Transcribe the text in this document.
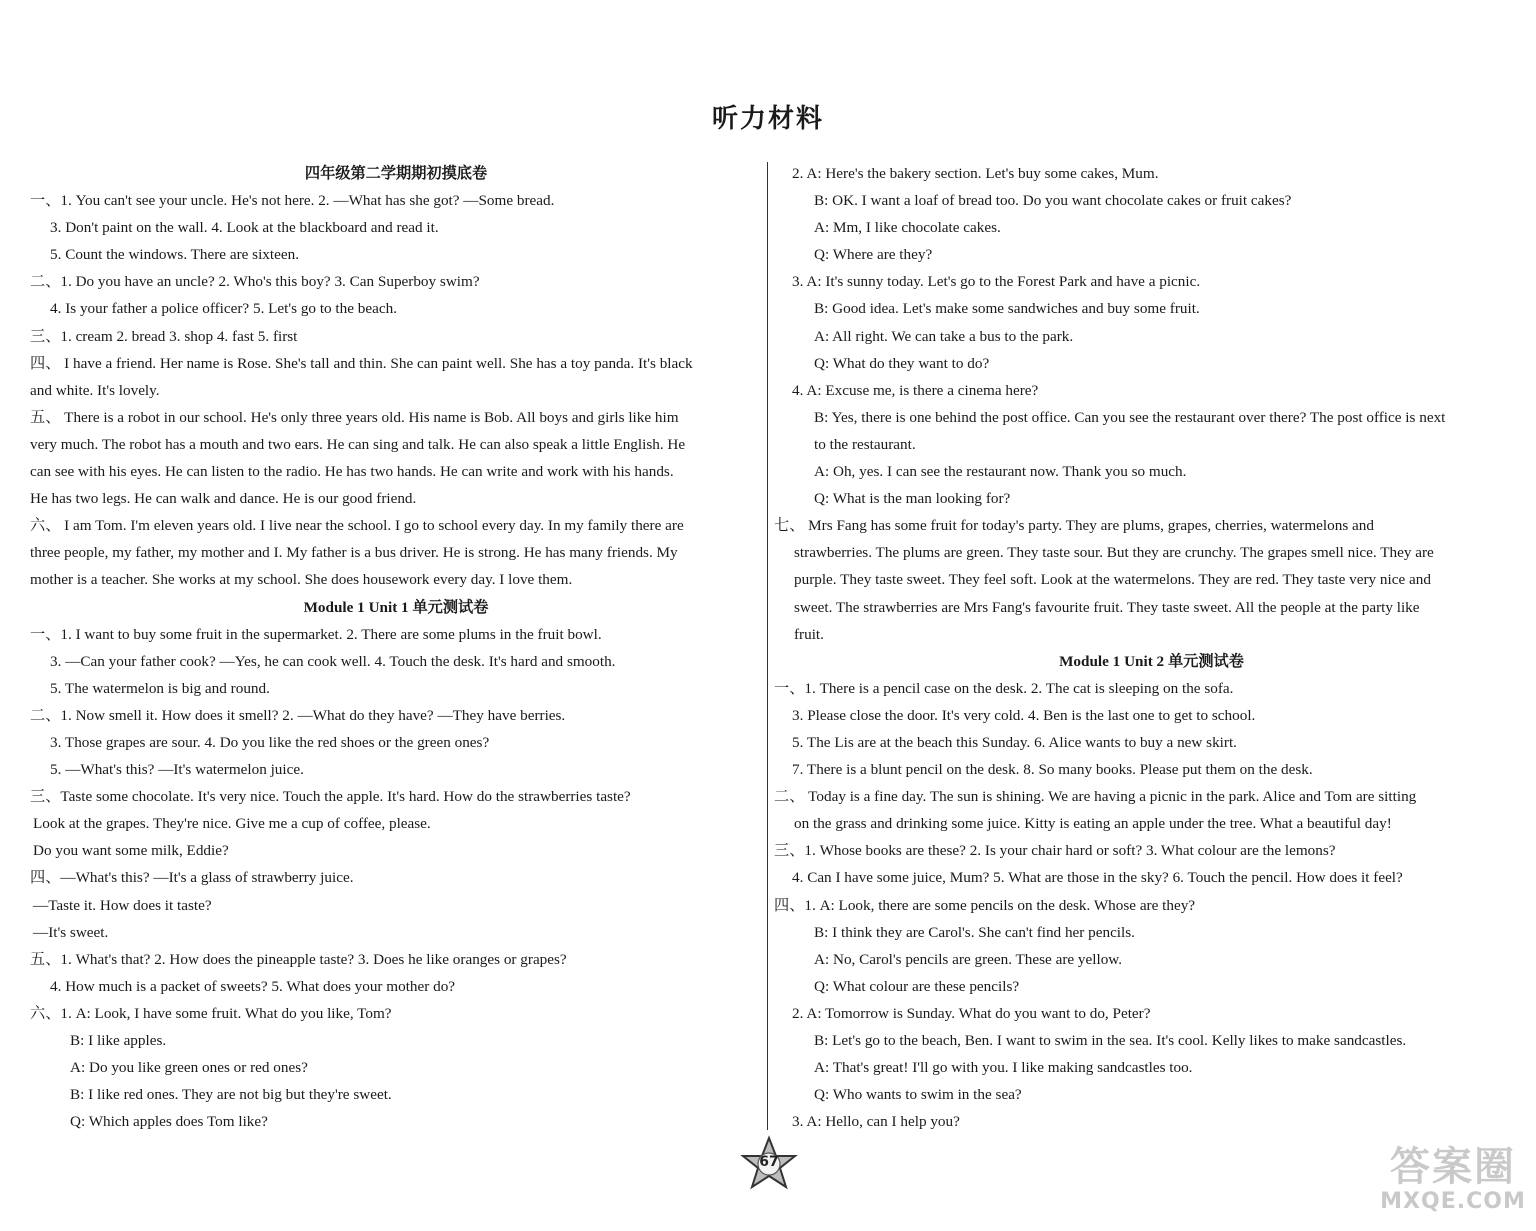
听力材料
四年级第二学期期初摸底卷
一、1. You can't see your uncle. He's not here. 2. —What has she got? —Some bread.
3. Don't paint on the wall. 4. Look at the blackboard and read it.
5. Count the windows. There are sixteen.
二、1. Do you have an uncle? 2. Who's this boy? 3. Can Superboy swim?
4. Is your father a police officer? 5. Let's go to the beach.
三、1. cream 2. bread 3. shop 4. fast 5. first
四、 I have a friend. Her name is Rose. She's tall and thin. She can paint well. She has a toy panda. It's black
and white. It's lovely.
五、 There is a robot in our school. He's only three years old. His name is Bob. All boys and girls like him
very much. The robot has a mouth and two ears. He can sing and talk. He can also speak a little English. He
can see with his eyes. He can listen to the radio. He has two hands. He can write and work with his hands.
He has two legs. He can walk and dance. He is our good friend.
六、 I am Tom. I'm eleven years old. I live near the school. I go to school every day. In my family there are
three people, my father, my mother and I. My father is a bus driver. He is strong. He has many friends. My
mother is a teacher. She works at my school. She does housework every day. I love them.
Module 1 Unit 1 单元测试卷
一、1. I want to buy some fruit in the supermarket. 2. There are some plums in the fruit bowl.
3. —Can your father cook? —Yes, he can cook well. 4. Touch the desk. It's hard and smooth.
5. The watermelon is big and round.
二、1. Now smell it. How does it smell? 2. —What do they have? —They have berries.
3. Those grapes are sour. 4. Do you like the red shoes or the green ones?
5. —What's this? —It's watermelon juice.
三、Taste some chocolate. It's very nice. Touch the apple. It's hard. How do the strawberries taste?
Look at the grapes. They're nice. Give me a cup of coffee, please.
Do you want some milk, Eddie?
四、—What's this? —It's a glass of strawberry juice.
—Taste it. How does it taste?
—It's sweet.
五、1. What's that? 2. How does the pineapple taste? 3. Does he like oranges or grapes?
4. How much is a packet of sweets? 5. What does your mother do?
六、1. A: Look, I have some fruit. What do you like, Tom?
B: I like apples.
A: Do you like green ones or red ones?
B: I like red ones. They are not big but they're sweet.
Q: Which apples does Tom like?
2. A: Here's the bakery section. Let's buy some cakes, Mum.
B: OK. I want a loaf of bread too. Do you want chocolate cakes or fruit cakes?
A: Mm, I like chocolate cakes.
Q: Where are they?
3. A: It's sunny today. Let's go to the Forest Park and have a picnic.
B: Good idea. Let's make some sandwiches and buy some fruit.
A: All right. We can take a bus to the park.
Q: What do they want to do?
4. A: Excuse me, is there a cinema here?
B: Yes, there is one behind the post office. Can you see the restaurant over there? The post office is next
to the restaurant.
A: Oh, yes. I can see the restaurant now. Thank you so much.
Q: What is the man looking for?
七、 Mrs Fang has some fruit for today's party. They are plums, grapes, cherries, watermelons and
strawberries. The plums are green. They taste sour. But they are crunchy. The grapes smell nice. They are
purple. They taste sweet. They feel soft. Look at the watermelons. They are red. They taste very nice and
sweet. The strawberries are Mrs Fang's favourite fruit. They taste sweet. All the people at the party like
fruit.
Module 1 Unit 2 单元测试卷
一、1. There is a pencil case on the desk. 2. The cat is sleeping on the sofa.
3. Please close the door. It's very cold. 4. Ben is the last one to get to school.
5. The Lis are at the beach this Sunday. 6. Alice wants to buy a new skirt.
7. There is a blunt pencil on the desk. 8. So many books. Please put them on the desk.
二、 Today is a fine day. The sun is shining. We are having a picnic in the park. Alice and Tom are sitting
on the grass and drinking some juice. Kitty is eating an apple under the tree. What a beautiful day!
三、1. Whose books are these? 2. Is your chair hard or soft? 3. What colour are the lemons?
4. Can I have some juice, Mum? 5. What are those in the sky? 6. Touch the pencil. How does it feel?
四、1. A: Look, there are some pencils on the desk. Whose are they?
B: I think they are Carol's. She can't find her pencils.
A: No, Carol's pencils are green. These are yellow.
Q: What colour are these pencils?
2. A: Tomorrow is Sunday. What do you want to do, Peter?
B: Let's go to the beach, Ben. I want to swim in the sea. It's cool. Kelly likes to make sandcastles.
A: That's great! I'll go with you. I like making sandcastles too.
Q: Who wants to swim in the sea?
3. A: Hello, can I help you?
67	答案圈
MXQE.COM
